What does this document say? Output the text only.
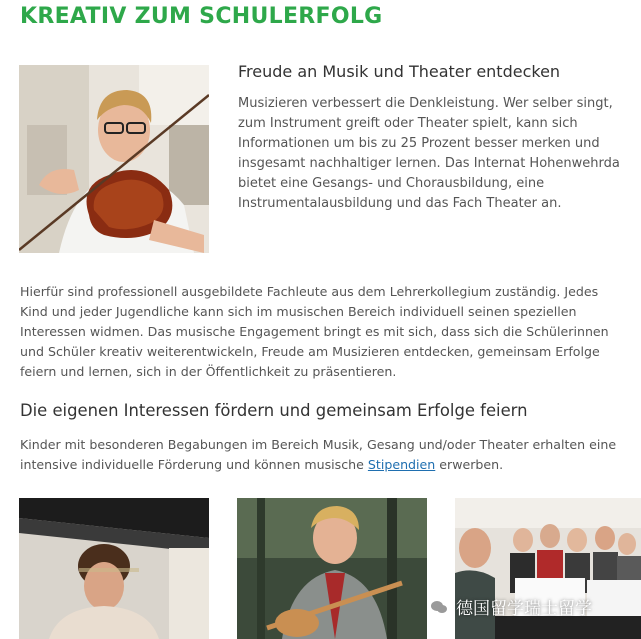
KREATIV ZUM SCHULERFOLG
Freude an Musik und Theater entdecken
Musizieren verbessert die Denkleistung. Wer selber singt,
zum Instrument greift oder Theater spielt, kann sich
Informationen um bis zu 25 Prozent besser merken und
insgesamt nachhaltiger lernen. Das Internat Hohenwehrda
bietet eine Gesangs- und Chorausbildung, eine
Instrumentalausbildung und das Fach Theater an.
Hierfür sind professionell ausgebildete Fachleute aus dem Lehrerkollegium zuständig. Jedes
Kind und jeder Jugendliche kann sich im musischen Bereich individuell seinen speziellen
Interessen widmen. Das musische Engagement bringt es mit sich, dass sich die Schülerinnen
und Schüler kreativ weiterentwickeln, Freude am Musizieren entdecken, gemeinsam Erfolge
feiern und lernen, sich in der Öffentlichkeit zu präsentieren.
Die eigenen Interessen fördern und gemeinsam Erfolge feiern
Kinder mit besonderen Begabungen im Bereich Musik, Gesang und/oder Theater erhalten eine
intensive individuelle Förderung und können musische Stipendien erwerben.
德国留学瑞士留学
